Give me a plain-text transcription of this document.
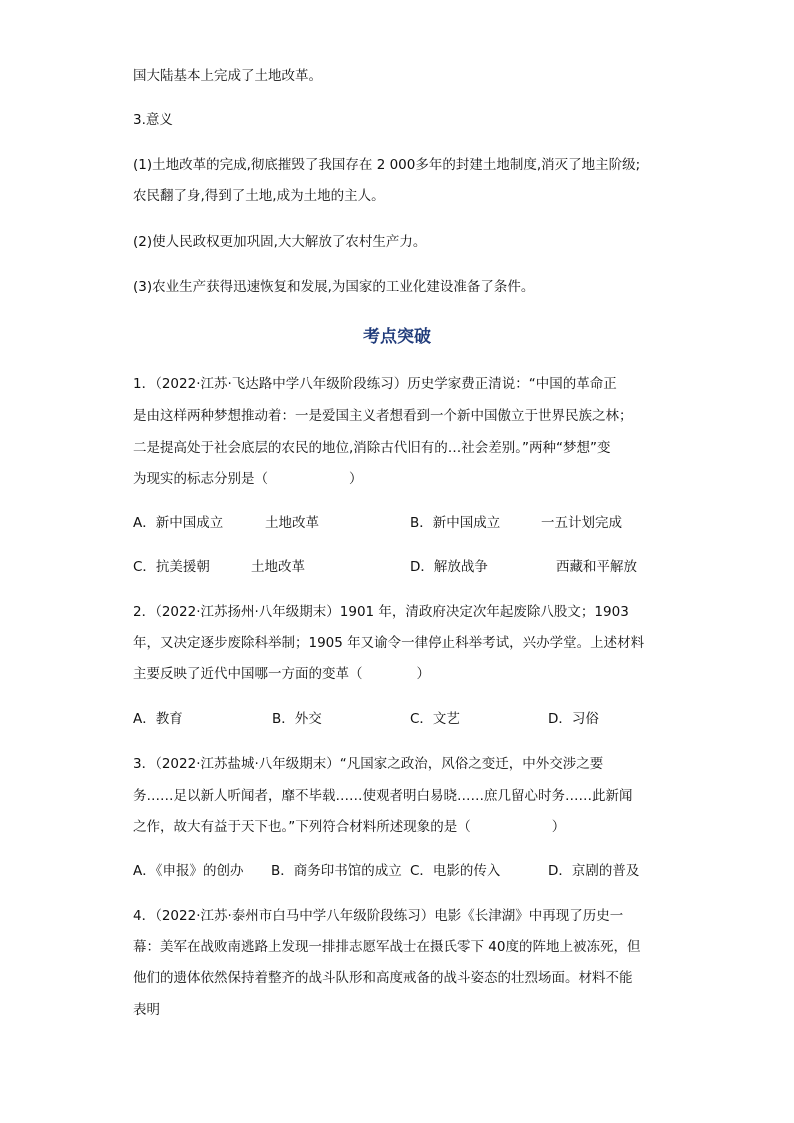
国大陆基本上完成了土地改革。
3.意义
(1)土地改革的完成,彻底摧毁了我国存在 2 000多年的封建土地制度,消灭了地主阶级;
农民翻了身,得到了土地,成为土地的主人。
(2)使人民政权更加巩固,大大解放了农村生产力。
(3)农业生产获得迅速恢复和发展,为国家的工业化建设准备了条件。
考点突破
1．（2022·江苏·飞达路中学八年级阶段练习）历史学家费正清说：“中国的革命正
是由这样两种梦想推动着：一是爱国主义者想看到一个新中国傲立于世界民族之林；
二是提高处于社会底层的农民的地位,消除古代旧有的…社会差别。”两种“梦想”变
为现实的标志分别是（　　　　　　）
A．新中国成立	土地改革	B．新中国成立	一五计划完成
C．抗美援朝	土地改革	D．解放战争	西藏和平解放
2．（2022·江苏扬州·八年级期末）1901 年，清政府决定次年起废除八股文；1903
年，又决定逐步废除科举制；1905 年又谕令一律停止科举考试，兴办学堂。上述材料
主要反映了近代中国哪一方面的变革（　　　　）
A．教育	B．外交	C．文艺	D．习俗
3．（2022·江苏盐城·八年级期末）“凡国家之政治，风俗之变迁，中外交涉之要
务……足以新人听闻者，靡不毕载……使观者明白易晓……庶几留心时务……此新闻
之作，故大有益于天下也。”下列符合材料所述现象的是（　　　　　　）
A．《申报》的创办 B．商务印书馆的成立 C．电影的传入	D．京剧的普及
4．（2022·江苏·泰州市白马中学八年级阶段练习）电影《长津湖》中再现了历史一
幕：美军在战败南逃路上发现一排排志愿军战士在摄氏零下 40度的阵地上被冻死，但
他们的遗体依然保持着整齐的战斗队形和高度戒备的战斗姿态的壮烈场面。材料不能
表明
